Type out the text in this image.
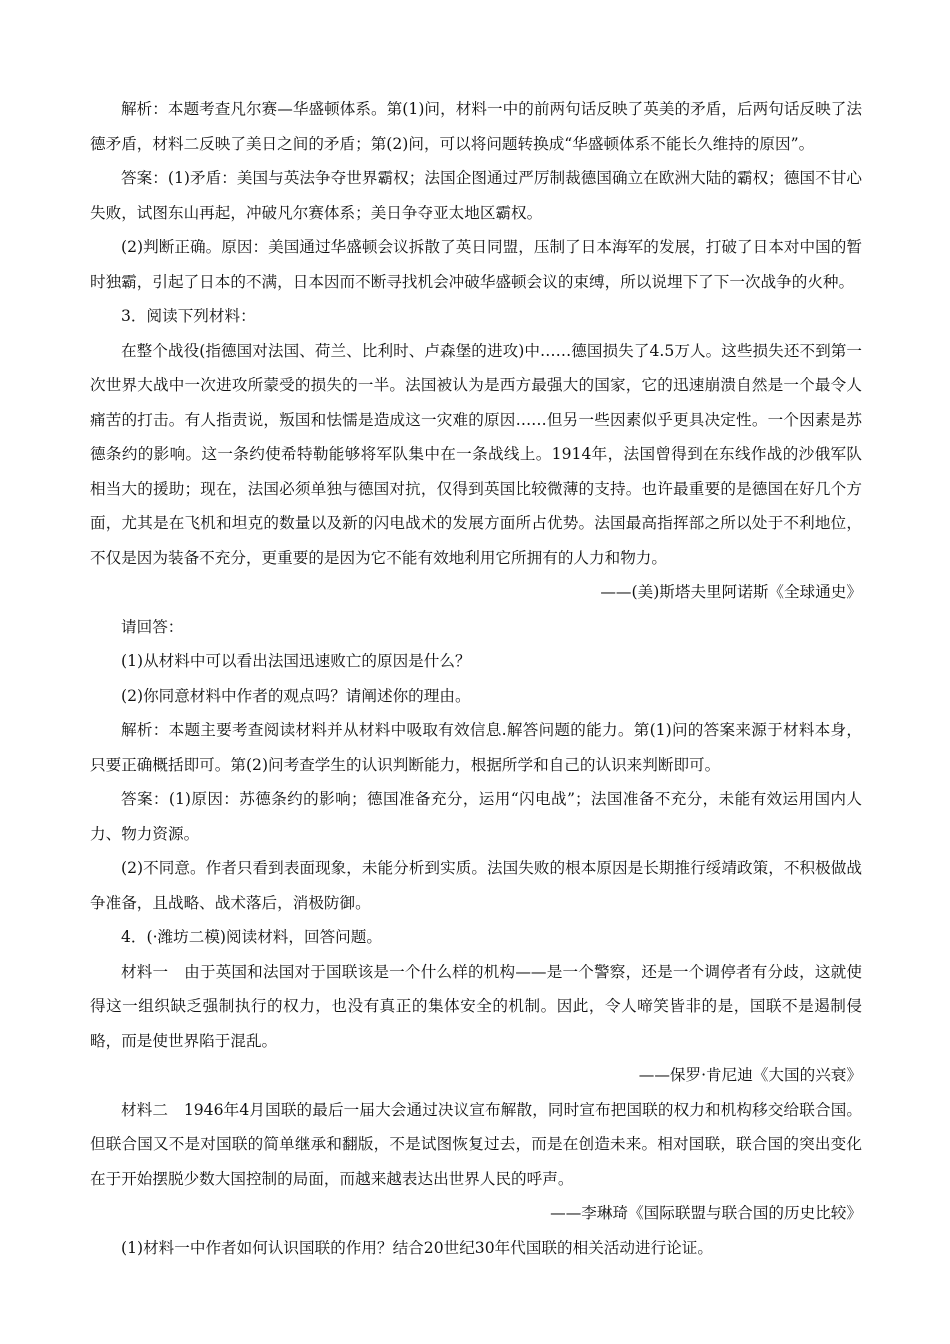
解析：本题考查凡尔赛—华盛顿体系。第(1)问，材料一中的前两句话反映了英美的矛盾，后两句话反映了法德矛盾，材料二反映了美日之间的矛盾；第(2)问，可以将问题转换成“华盛顿体系不能长久维持的原因”。

答案：(1)矛盾：美国与英法争夺世界霸权；法国企图通过严厉制裁德国确立在欧洲大陆的霸权；德国不甘心失败，试图东山再起，冲破凡尔赛体系；美日争夺亚太地区霸权。

(2)判断正确。原因：美国通过华盛顿会议拆散了英日同盟，压制了日本海军的发展，打破了日本对中国的暂时独霸，引起了日本的不满，日本因而不断寻找机会冲破华盛顿会议的束缚，所以说埋下了下一次战争的火种。

3．阅读下列材料：

在整个战役(指德国对法国、荷兰、比利时、卢森堡的进攻)中……德国损失了4.5万人。这些损失还不到第一次世界大战中一次进攻所蒙受的损失的一半。法国被认为是西方最强大的国家，它的迅速崩溃自然是一个最令人痛苦的打击。有人指责说，叛国和怯懦是造成这一灾难的原因……但另一些因素似乎更具决定性。一个因素是苏德条约的影响。这一条约使希特勒能够将军队集中在一条战线上。1914年，法国曾得到在东线作战的沙俄军队相当大的援助；现在，法国必须单独与德国对抗，仅得到英国比较微薄的支持。也许最重要的是德国在好几个方面，尤其是在飞机和坦克的数量以及新的闪电战术的发展方面所占优势。法国最高指挥部之所以处于不利地位，不仅是因为装备不充分，更重要的是因为它不能有效地利用它所拥有的人力和物力。

——(美)斯塔夫里阿诺斯《全球通史》

请回答：

(1)从材料中可以看出法国迅速败亡的原因是什么？

(2)你同意材料中作者的观点吗？请阐述你的理由。

解析：本题主要考查阅读材料并从材料中吸取有效信息.解答问题的能力。第(1)问的答案来源于材料本身，只要正确概括即可。第(2)问考查学生的认识判断能力，根据所学和自己的认识来判断即可。

答案：(1)原因：苏德条约的影响；德国准备充分，运用“闪电战”；法国准备不充分，未能有效运用国内人力、物力资源。

(2)不同意。作者只看到表面现象，未能分析到实质。法国失败的根本原因是长期推行绥靖政策，不积极做战争准备，且战略、战术落后，消极防御。

4．(·潍坊二模)阅读材料，回答问题。

材料一　由于英国和法国对于国联该是一个什么样的机构——是一个警察，还是一个调停者有分歧，这就使得这一组织缺乏强制执行的权力，也没有真正的集体安全的机制。因此，令人啼笑皆非的是，国联不是遏制侵略，而是使世界陷于混乱。

——保罗·肯尼迪《大国的兴衰》

材料二　1946年4月国联的最后一届大会通过决议宣布解散，同时宣布把国联的权力和机构移交给联合国。但联合国又不是对国联的简单继承和翻版，不是试图恢复过去，而是在创造未来。相对国联，联合国的突出变化在于开始摆脱少数大国控制的局面，而越来越表达出世界人民的呼声。

——李琳琦《国际联盟与联合国的历史比较》

(1)材料一中作者如何认识国联的作用？结合20世纪30年代国联的相关活动进行论证。
